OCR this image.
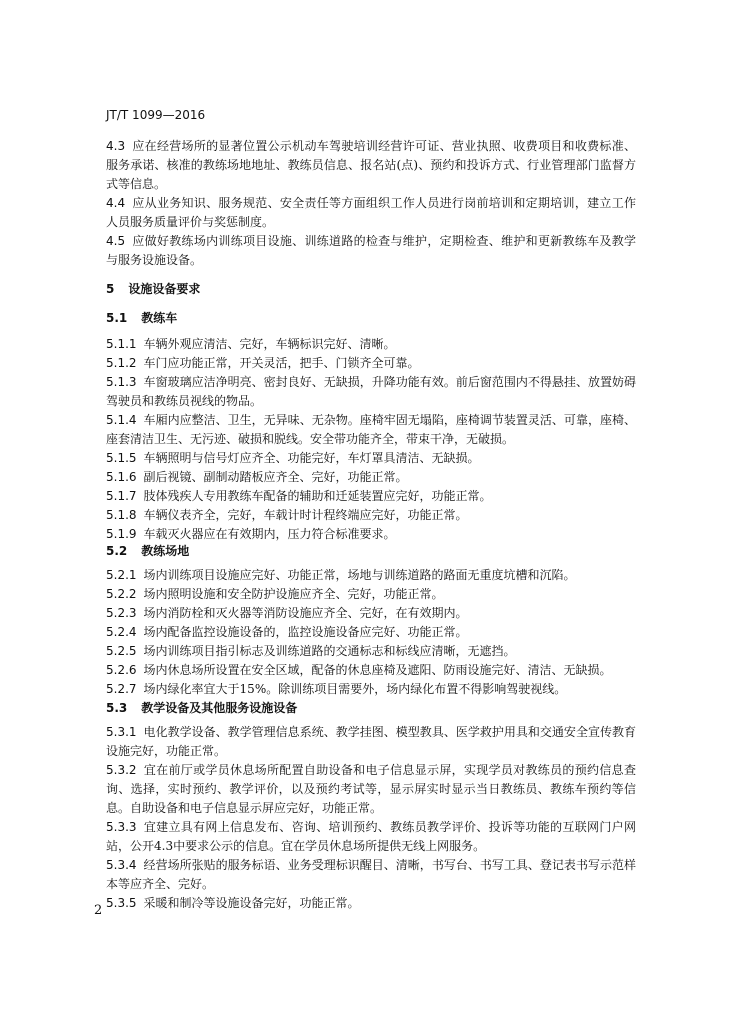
JT/T 1099—2016

4.3 应在经营场所的显著位置公示机动车驾驶培训经营许可证、营业执照、收费项目和收费标准、服务承诺、核准的教练场地地址、教练员信息、报名站(点)、预约和投诉方式、行业管理部门监督方式等信息。

4.4 应从业务知识、服务规范、安全责任等方面组织工作人员进行岗前培训和定期培训，建立工作人员服务质量评价与奖惩制度。

4.5 应做好教练场内训练项目设施、训练道路的检查与维护，定期检查、维护和更新教练车及教学与服务设施设备。

5 设施设备要求

5.1 教练车

5.1.1 车辆外观应清洁、完好，车辆标识完好、清晰。

5.1.2 车门应功能正常，开关灵活，把手、门锁齐全可靠。

5.1.3 车窗玻璃应洁净明亮、密封良好、无缺损，升降功能有效。前后窗范围内不得悬挂、放置妨碍驾驶员和教练员视线的物品。

5.1.4 车厢内应整洁、卫生，无异味、无杂物。座椅牢固无塌陷，座椅调节装置灵活、可靠，座椅、座套清洁卫生、无污迹、破损和脱线。安全带功能齐全，带束干净，无破损。

5.1.5 车辆照明与信号灯应齐全、功能完好，车灯罩具清洁、无缺损。

5.1.6 副后视镜、副制动踏板应齐全、完好，功能正常。

5.1.7 肢体残疾人专用教练车配备的辅助和迁延装置应完好，功能正常。

5.1.8 车辆仪表齐全，完好，车载计时计程终端应完好，功能正常。

5.1.9 车载灭火器应在有效期内，压力符合标准要求。

5.2 教练场地

5.2.1 场内训练项目设施应完好、功能正常，场地与训练道路的路面无重度坑槽和沉陷。

5.2.2 场内照明设施和安全防护设施应齐全、完好，功能正常。

5.2.3 场内消防栓和灭火器等消防设施应齐全、完好，在有效期内。

5.2.4 场内配备监控设施设备的，监控设施设备应完好、功能正常。

5.2.5 场内训练项目指引标志及训练道路的交通标志和标线应清晰，无遮挡。

5.2.6 场内休息场所设置在安全区域，配备的休息座椅及遮阳、防雨设施完好、清洁、无缺损。

5.2.7 场内绿化率宜大于15%。除训练项目需要外，场内绿化布置不得影响驾驶视线。

5.3 教学设备及其他服务设施设备

5.3.1 电化教学设备、教学管理信息系统、教学挂图、模型教具、医学救护用具和交通安全宣传教育设施完好，功能正常。

5.3.2 宜在前厅或学员休息场所配置自助设备和电子信息显示屏，实现学员对教练员的预约信息查询、选择，实时预约、教学评价，以及预约考试等，显示屏实时显示当日教练员、教练车预约等信息。自助设备和电子信息显示屏应完好，功能正常。

5.3.3 宜建立具有网上信息发布、咨询、培训预约、教练员教学评价、投诉等功能的互联网门户网站，公开4.3中要求公示的信息。宜在学员休息场所提供无线上网服务。

5.3.4 经营场所张贴的服务标语、业务受理标识醒目、清晰，书写台、书写工具、登记表书写示范样本等应齐全、完好。

5.3.5 采暖和制冷等设施设备完好，功能正常。

2
